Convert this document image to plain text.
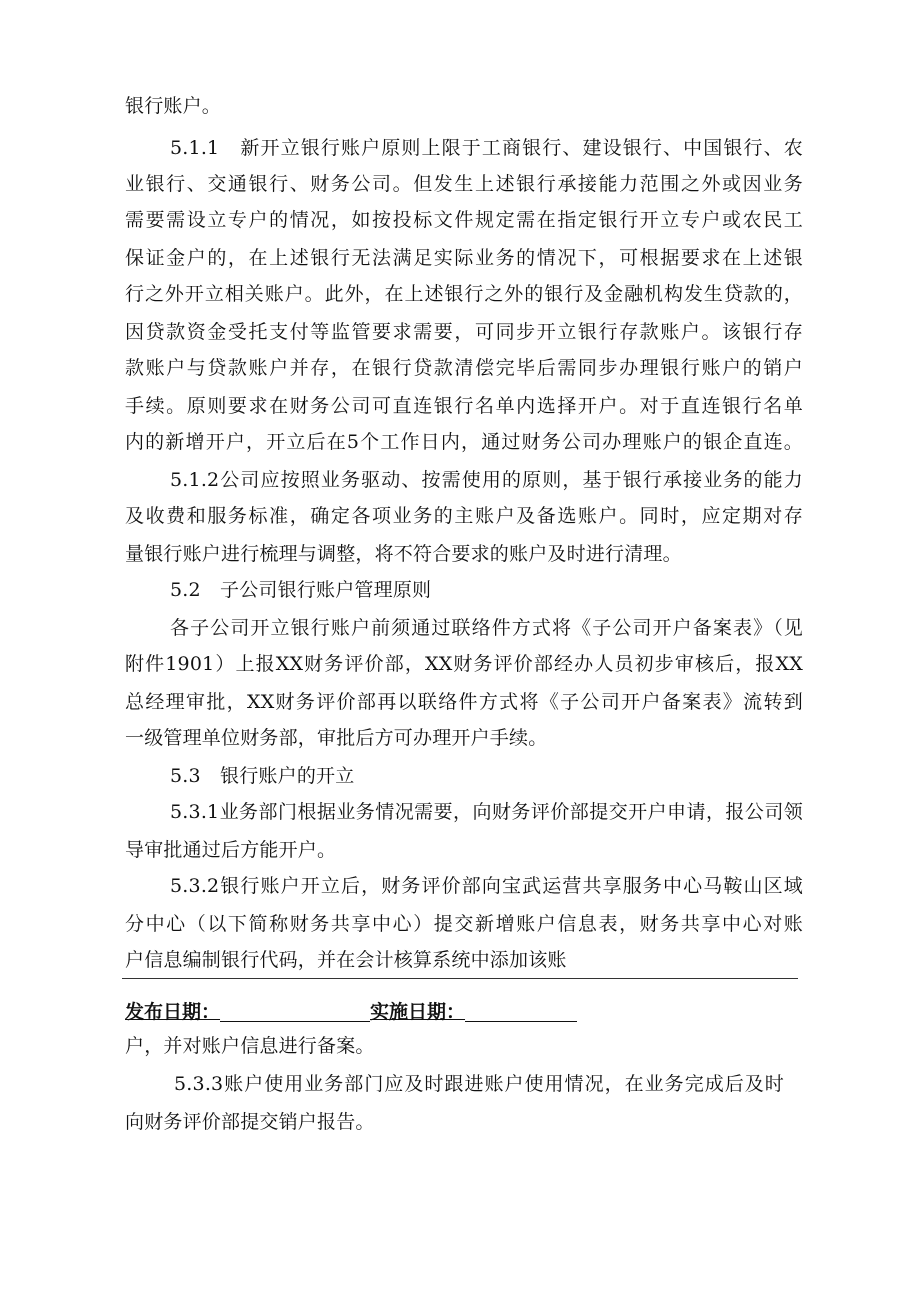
银行账户。
5.1.1　新开立银行账户原则上限于工商银行、建设银行、中国银行、农
业银行、交通银行、财务公司。但发生上述银行承接能力范围之外或因业务
需要需设立专户的情况，如按投标文件规定需在指定银行开立专户或农民工
保证金户的，在上述银行无法满足实际业务的情况下，可根据要求在上述银
行之外开立相关账户。此外，在上述银行之外的银行及金融机构发生贷款的，
因贷款资金受托支付等监管要求需要，可同步开立银行存款账户。该银行存
款账户与贷款账户并存，在银行贷款清偿完毕后需同步办理银行账户的销户
手续。原则要求在财务公司可直连银行名单内选择开户。对于直连银行名单
内的新增开户，开立后在5个工作日内，通过财务公司办理账户的银企直连。
5.1.2公司应按照业务驱动、按需使用的原则，基于银行承接业务的能力
及收费和服务标准，确定各项业务的主账户及备选账户。同时，应定期对存
量银行账户进行梳理与调整，将不符合要求的账户及时进行清理。
5.2　子公司银行账户管理原则
各子公司开立银行账户前须通过联络件方式将《子公司开户备案表》（见
附件1901）上报XX财务评价部，XX财务评价部经办人员初步审核后，报XX
总经理审批，XX财务评价部再以联络件方式将《子公司开户备案表》流转到
一级管理单位财务部，审批后方可办理开户手续。
5.3　银行账户的开立
5.3.1业务部门根据业务情况需要，向财务评价部提交开户申请，报公司领
导审批通过后方能开户。
5.3.2银行账户开立后，财务评价部向宝武运营共享服务中心马鞍山区域
分中心（以下简称财务共享中心）提交新增账户信息表，财务共享中心对账
户信息编制银行代码，并在会计核算系统中添加该账
发布日期：	实施日期：
户，并对账户信息进行备案。
5.3.3账户使用业务部门应及时跟进账户使用情况，在业务完成后及时
向财务评价部提交销户报告。
